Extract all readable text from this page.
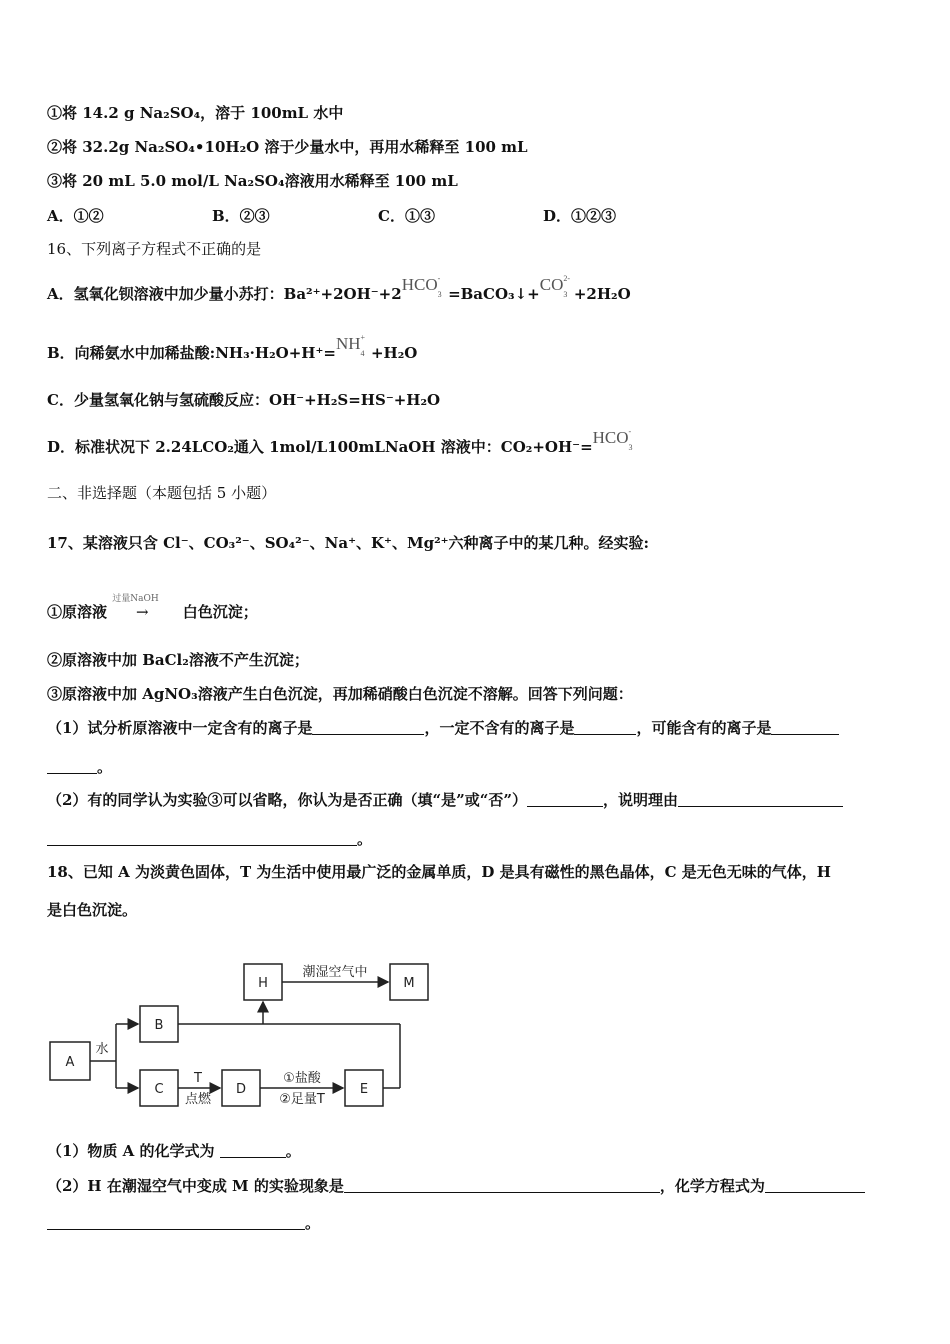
①将 14.2 g Na₂SO₄，溶于 100mL 水中
②将 32.2g Na₂SO₄•10H₂O 溶于少量水中，再用水稀释至 100 mL
③将 20 mL 5.0 mol/L Na₂SO₄溶液用水稀释至 100 mL
A．①②	B．②③	C．①③	D．①②③
16、下列离子方程式不正确的是
A．氢氧化钡溶液中加少量小苏打：Ba²⁺+2OH⁻+2HCO
3
-
=BaCO₃↓+CO
3
2-
+2H₂O
B．向稀氨水中加稀盐酸:NH₃·H₂O+H⁺=NH
4
+
+H₂O
C．少量氢氧化钠与氢硫酸反应：OH⁻+H₂S=HS⁻+H₂O
D．标准状况下 2.24LCO₂通入 1mol/L100mLNaOH 溶液中：CO₂+OH⁻=HCO
3
-
二、非选择题（本题包括 5 小题）
17、某溶液只含 Cl⁻、CO₃²⁻、SO₄²⁻、Na⁺、K⁺、Mg²⁺六种离子中的某几种。经实验:
①原溶液
过量NaOH
→ 白色沉淀；
②原溶液中加 BaCl₂溶液不产生沉淀；
③原溶液中加 AgNO₃溶液产生白色沉淀，再加稀硝酸白色沉淀不溶解。回答下列问题：
（1）试分析原溶液中一定含有的离子是	，一定不含有的离子是	，可能含有的离子是
。
（2）有的同学认为实验③可以省略，你认为是否正确（填“是”或“否”）	，说明理由
。
18、已知 A 为淡黄色固体，T 为生活中使用最广泛的金属单质，D 是具有磁性的黑色晶体，C 是无色无味的气体，H
是白色沉淀。
A
B
C	D	E
H	M
水
潮湿空气中
T
点燃
①盐酸
②足量T
（1）物质 A 的化学式为	。
（2）H 在潮湿空气中变成 M 的实验现象是	，化学方程式为
。
